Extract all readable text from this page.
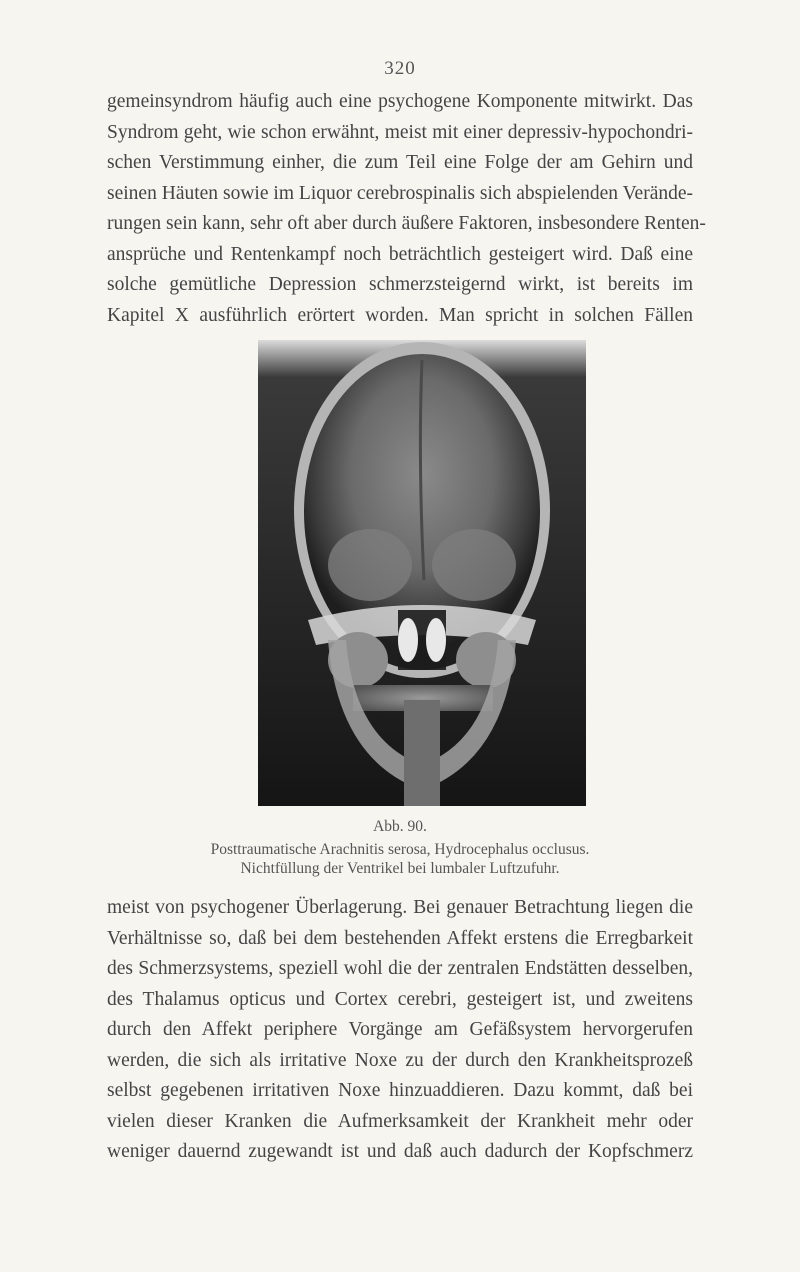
320

gemeinsyndrom häufig auch eine psychogene Komponente mitwirkt. Das
Syndrom geht, wie schon erwähnt, meist mit einer depressiv-hypochondri-
schen Verstimmung einher, die zum Teil eine Folge der am Gehirn und
seinen Häuten sowie im Liquor cerebrospinalis sich abspielenden Verände-
rungen sein kann, sehr oft aber durch äußere Faktoren, insbesondere Renten-
ansprüche und Rentenkampf noch beträchtlich gesteigert wird. Daß eine
solche gemütliche Depression schmerzsteigernd wirkt, ist bereits im
Kapitel X ausführlich erörtert worden. Man spricht in solchen Fällen

Abb. 90.
Posttraumatische Arachnitis serosa, Hydrocephalus occlusus.
Nichtfüllung der Ventrikel bei lumbaler Luftzufuhr.

meist von psychogener Überlagerung. Bei genauer Betrachtung liegen die
Verhältnisse so, daß bei dem bestehenden Affekt erstens die Erregbarkeit
des Schmerzsystems, speziell wohl die der zentralen Endstätten desselben,
des Thalamus opticus und Cortex cerebri, gesteigert ist, und zweitens
durch den Affekt periphere Vorgänge am Gefäßsystem hervorgerufen
werden, die sich als irritative Noxe zu der durch den Krankheitsprozeß
selbst gegebenen irritativen Noxe hinzuaddieren. Dazu kommt, daß bei
vielen dieser Kranken die Aufmerksamkeit der Krankheit mehr oder
weniger dauernd zugewandt ist und daß auch dadurch der Kopfschmerz
